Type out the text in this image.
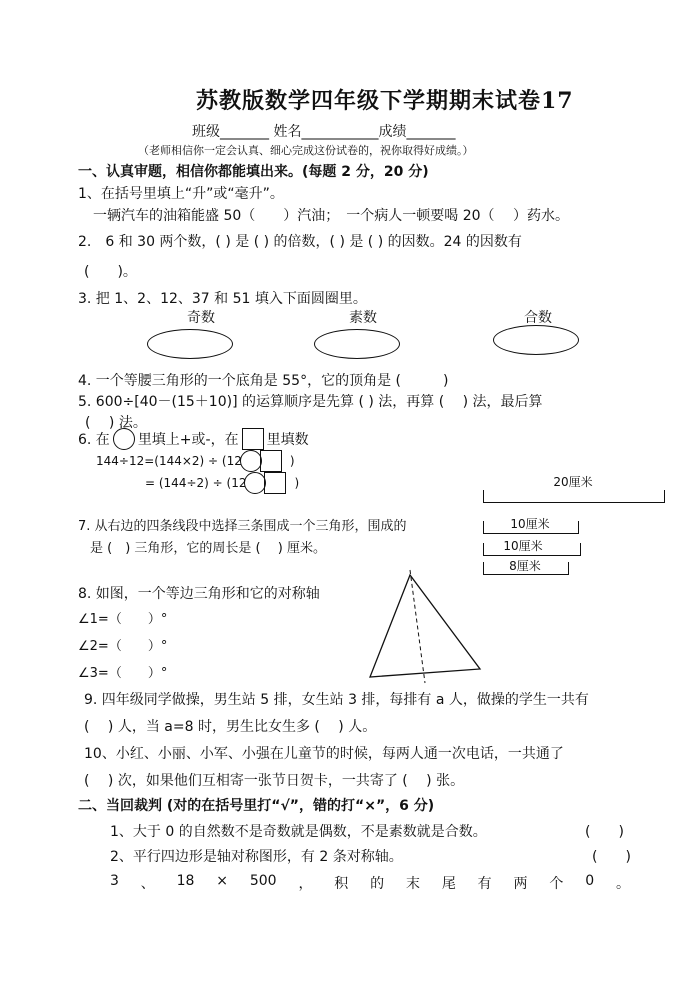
苏教版数学四年级下学期期末试卷17
班级_______ 姓名___________成绩_______
（老师相信你一定会认真、细心完成这份试卷的，祝你取得好成绩。）
一、认真审题，相信你都能填出来。(每题 2 分，20 分)
1、在括号里填上“升”或“毫升”。
一辆汽车的油箱能盛 50（　　）汽油；　一个病人一顿要喝 20（　 ）药水。
2.　6 和 30 两个数，( ) 是 ( ) 的倍数，( ) 是 ( ) 的因数。24 的因数有
(　　)。
3. 把 1、2、12、37 和 51 填入下面圆圈里。
奇数	素数	合数
4. 一个等腰三角形的一个底角是 55°，它的顶角是 (　　　)
5. 600÷[40－(15＋10)] 的运算顺序是先算 ( ) 法，再算 (　 ) 法，最后算
(　 ) 法。
6. 在 里填上+或-，在 里填数
144÷12=(144×2) ÷ (12	)
= (144÷2) ÷ (12	)	20厘米
10厘米
10厘米
8厘米
7. 从右边的四条线段中选择三条围成一个三角形，围成的
是 (　) 三角形，它的周长是 (　 ) 厘米。
8. 如图，一个等边三角形和它的对称轴
∠1=（　　）°
∠2=（　　）°
∠3=（　　）°
9. 四年级同学做操，男生站 5 排，女生站 3 排，每排有 a 人，做操的学生一共有
(　 ) 人，当 a=8 时，男生比女生多 (　 ) 人。
10、小红、小丽、小军、小强在儿童节的时候，每两人通一次电话，一共通了
(　 ) 次，如果他们互相寄一张节日贺卡，一共寄了 (　 ) 张。
二、当回裁判 (对的在括号里打“√”，错的打“×”，6 分)
1、大于 0 的自然数不是奇数就是偶数，不是素数就是合数。	(　　)
2、平行四边形是轴对称图形，有 2 条对称轴。	(　　)
3 、 18 × 500 ， 积 的 末 尾 有 两 个 0 。
